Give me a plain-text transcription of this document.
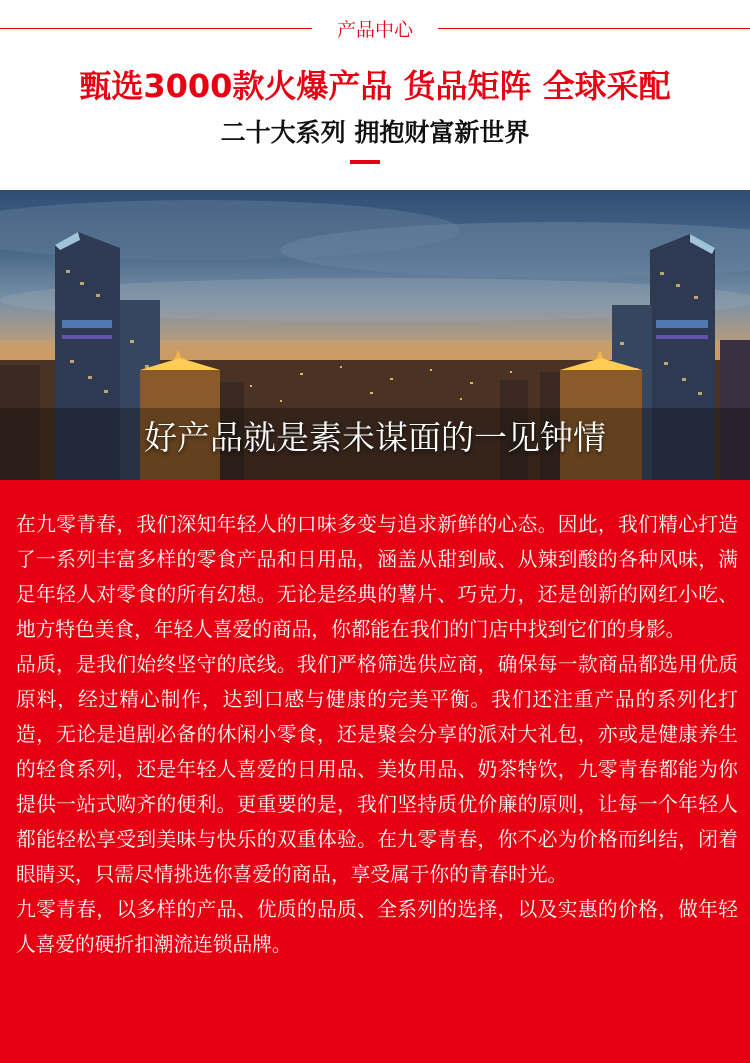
产品中心
甄选3000款火爆产品 货品矩阵 全球采配
二十大系列 拥抱财富新世界
好产品就是素未谋面的一见钟情

在九零青春，我们深知年轻人的口味多变与追求新鲜的心态。因此，我们精心打造了一系列丰富多样的零食产品和日用品，涵盖从甜到咸、从辣到酸的各种风味，满足年轻人对零食的所有幻想。无论是经典的薯片、巧克力，还是创新的网红小吃、地方特色美食，年轻人喜爱的商品，你都能在我们的门店中找到它们的身影。

品质，是我们始终坚守的底线。我们严格筛选供应商，确保每一款商品都选用优质原料，经过精心制作，达到口感与健康的完美平衡。我们还注重产品的系列化打造，无论是追剧必备的休闲小零食，还是聚会分享的派对大礼包，亦或是健康养生的轻食系列，还是年轻人喜爱的日用品、美妆用品、奶茶特饮，九零青春都能为你提供一站式购齐的便利。更重要的是，我们坚持质优价廉的原则，让每一个年轻人都能轻松享受到美味与快乐的双重体验。在九零青春，你不必为价格而纠结，闭着眼睛买，只需尽情挑选你喜爱的商品，享受属于你的青春时光。

九零青春，以多样的产品、优质的品质、全系列的选择，以及实惠的价格，做年轻人喜爱的硬折扣潮流连锁品牌。
